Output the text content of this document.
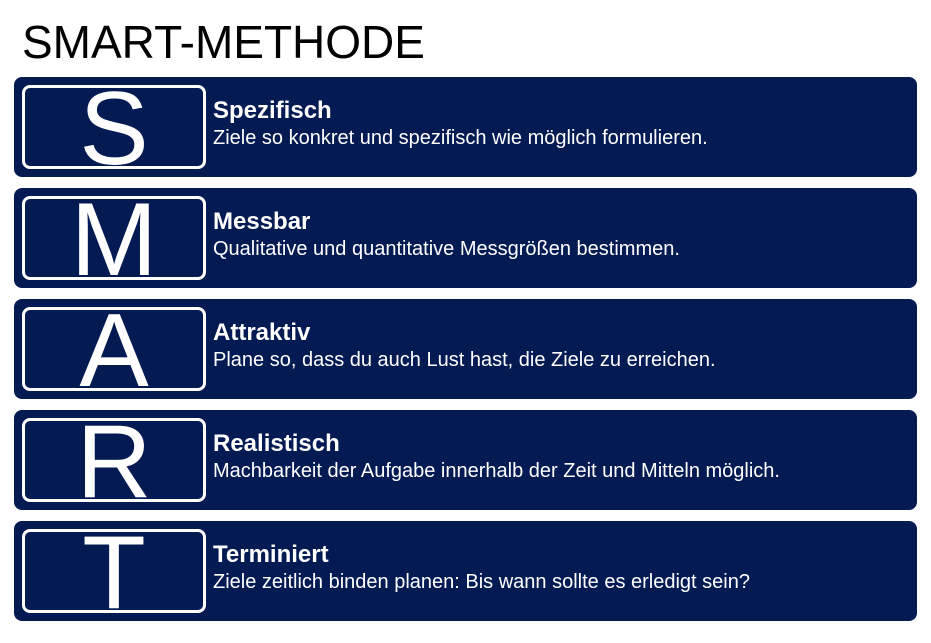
SMART-METHODE
S	Spezifisch
Ziele so konkret und spezifisch wie möglich formulieren.
M	Messbar
Qualitative und quantitative Messgrößen bestimmen.
A	Attraktiv
Plane so, dass du auch Lust hast, die Ziele zu erreichen.
R	Realistisch
Machbarkeit der Aufgabe innerhalb der Zeit und Mitteln möglich.
T	Terminiert
Ziele zeitlich binden planen: Bis wann sollte es erledigt sein?
